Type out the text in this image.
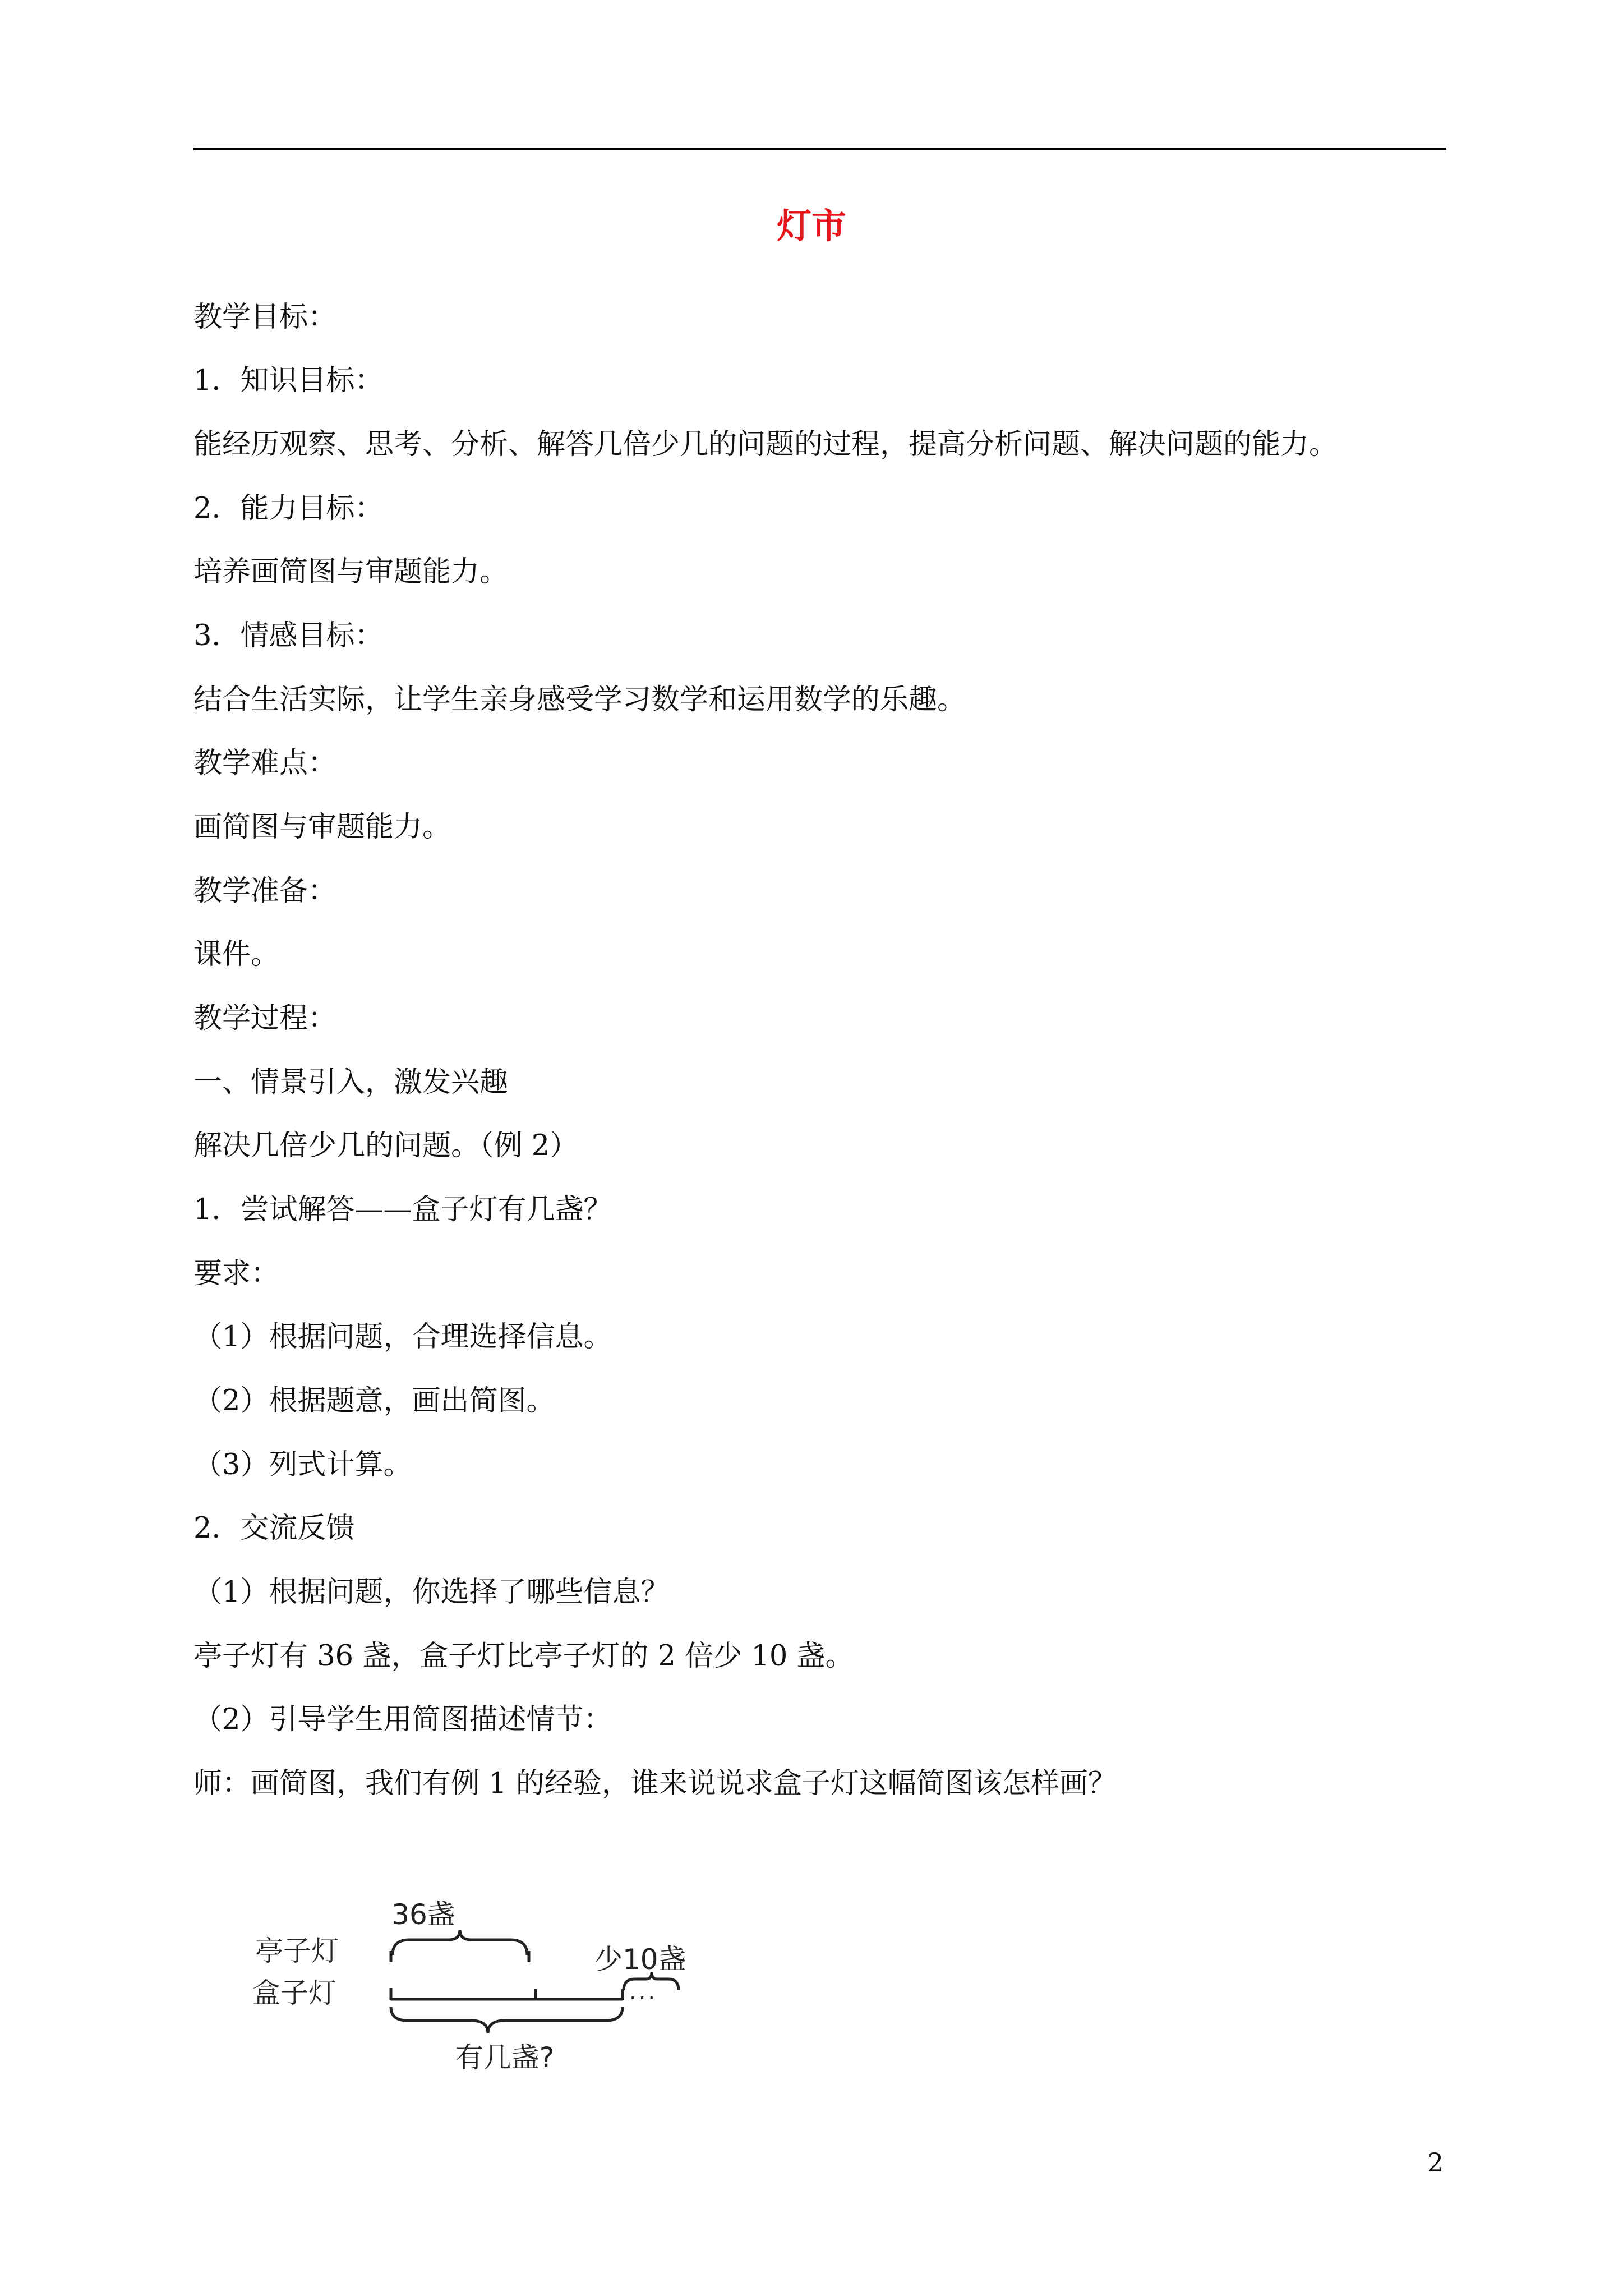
灯市
教学目标：
1．知识目标：
能经历观察、思考、分析、解答几倍少几的问题的过程，提高分析问题、解决问题的能力。
2．能力目标：
培养画简图与审题能力。
3．情感目标：
结合生活实际，让学生亲身感受学习数学和运用数学的乐趣。
教学难点：
画简图与审题能力。
教学准备：
课件。
教学过程：
一、情景引入，激发兴趣
解决几倍少几的问题。（例 2）
1．尝试解答——盒子灯有几盏？
要求：
（1）根据问题，合理选择信息。
（2）根据题意，画出简图。
（3）列式计算。
2．交流反馈
（1）根据问题，你选择了哪些信息？
亭子灯有 36 盏，盒子灯比亭子灯的 2 倍少 10 盏。
（2）引导学生用简图描述情节：
师：画简图，我们有例 1 的经验，谁来说说求盒子灯这幅简图该怎样画？
36盏
亭子灯
盒子灯	...
少10盏
有几盏?
2
